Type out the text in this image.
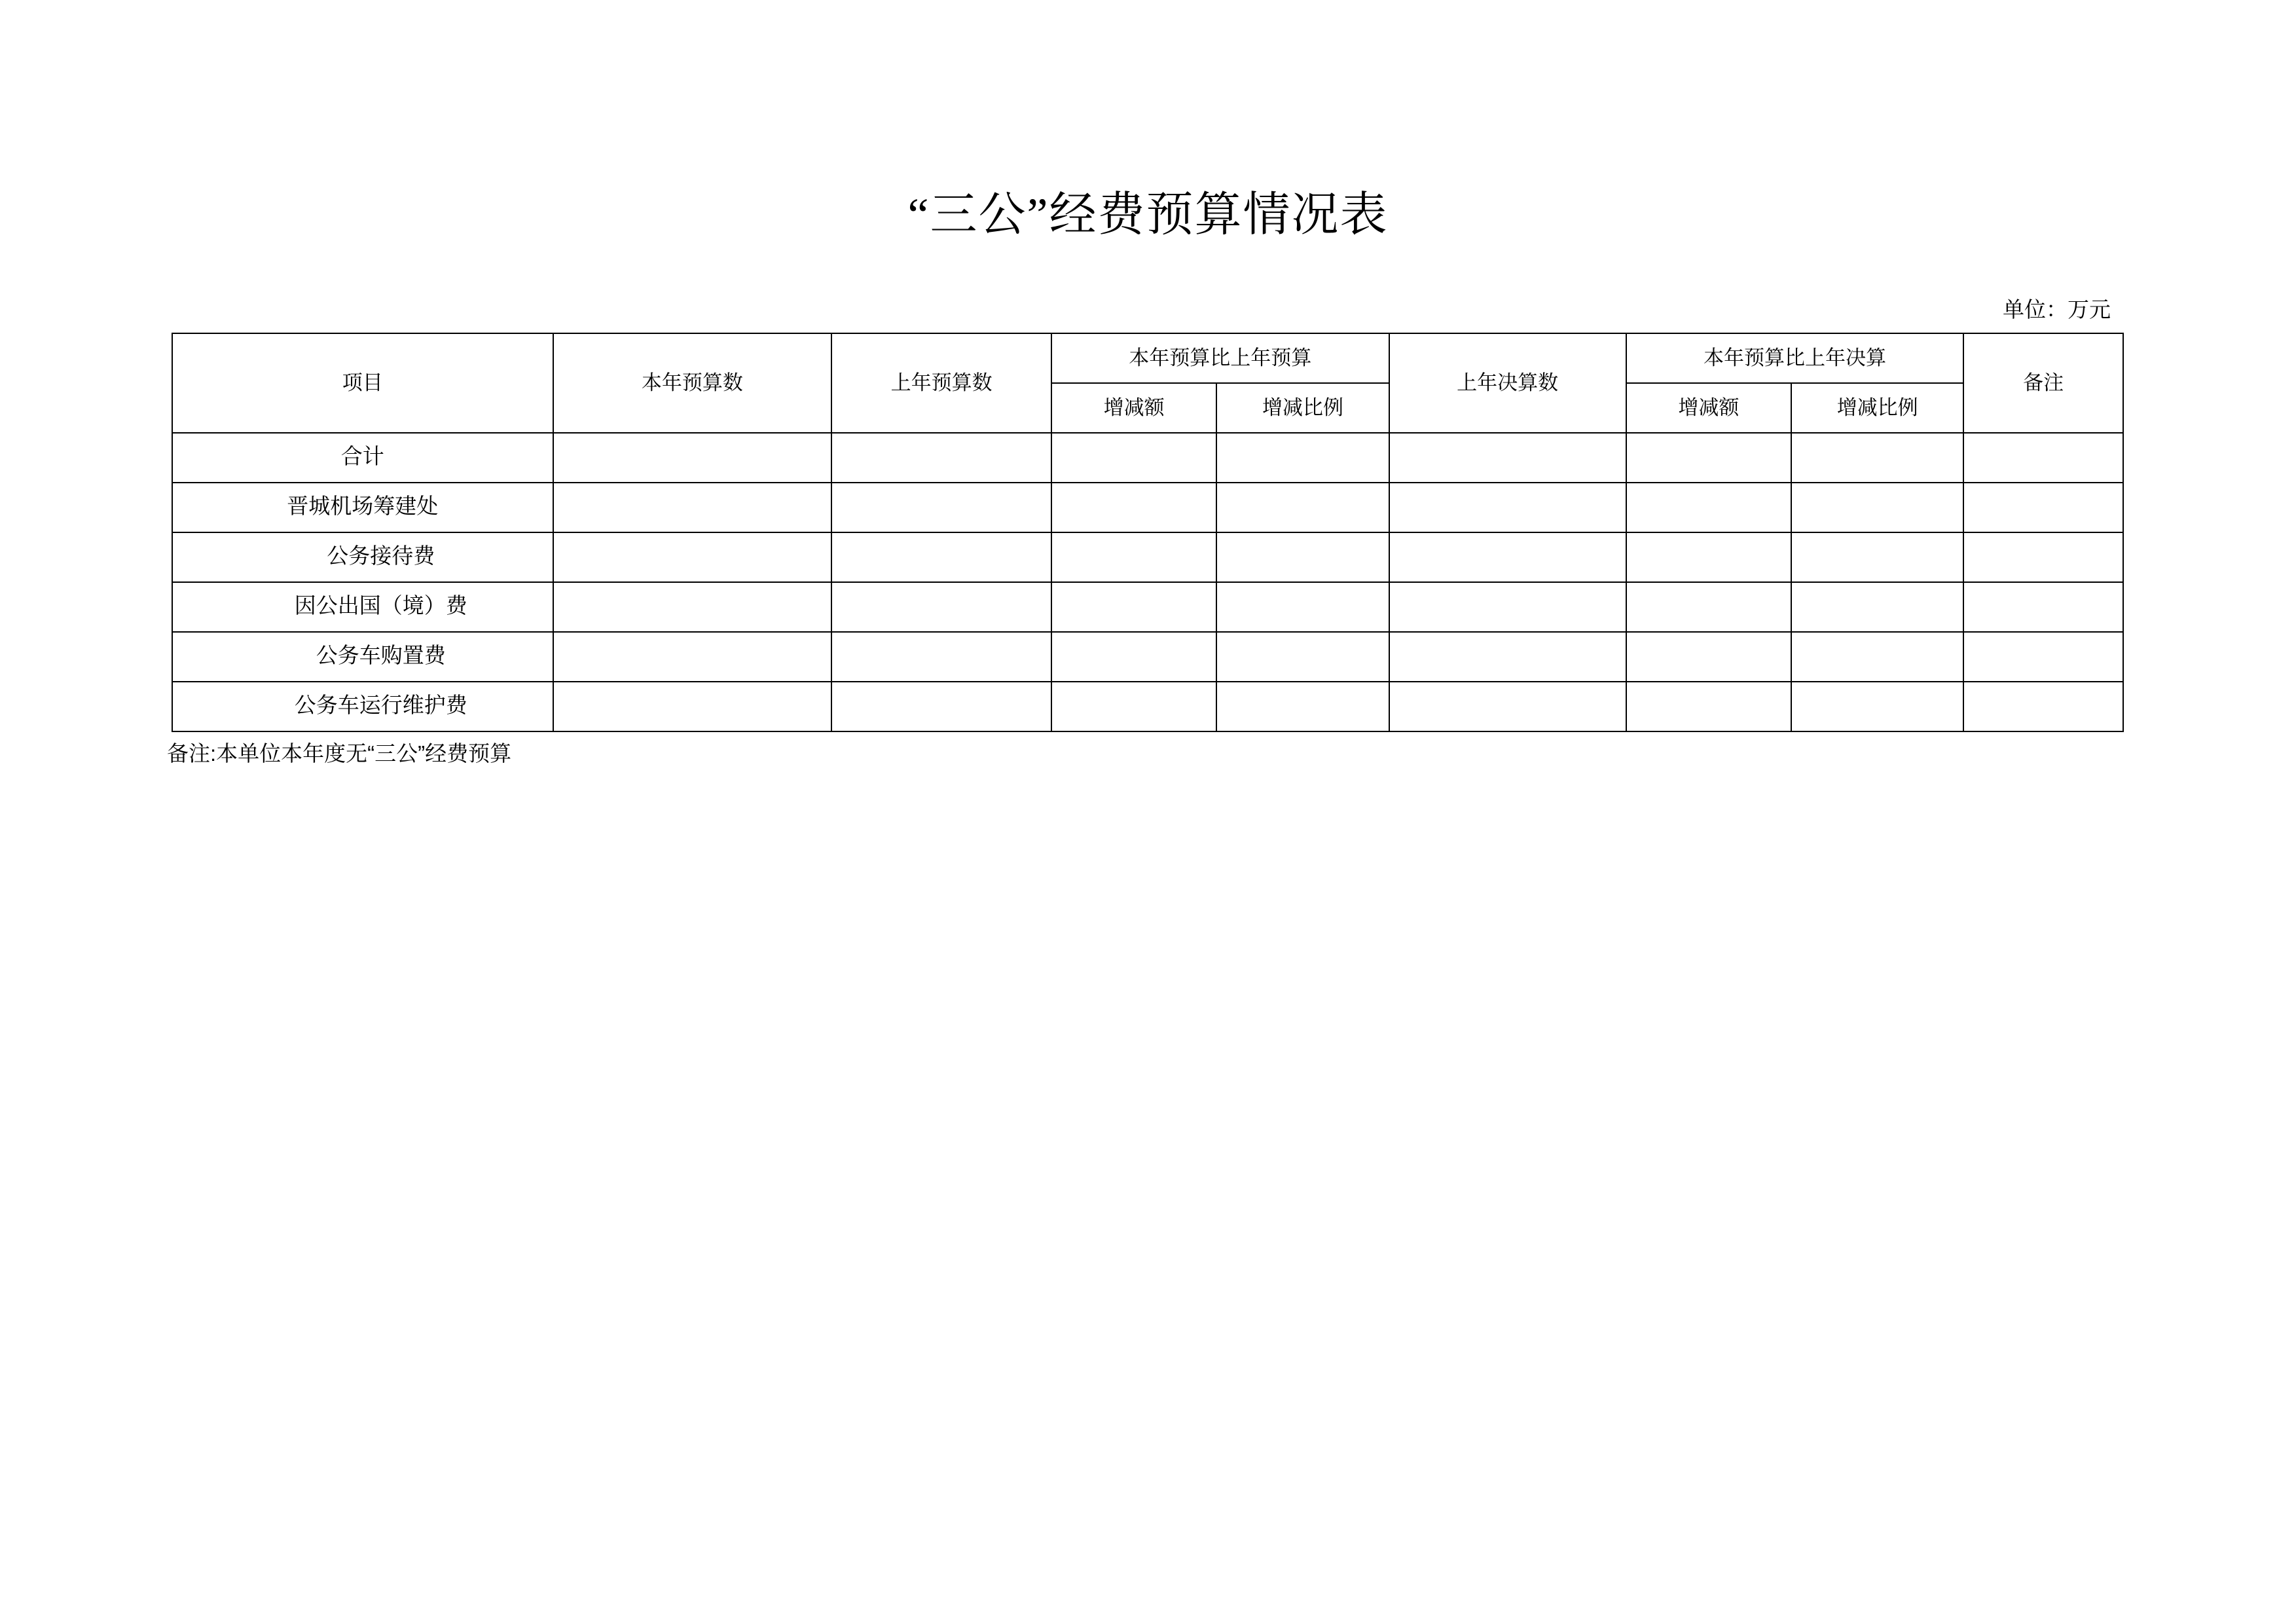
“三公”经费预算情况表
单位：万元
项目	本年预算数	上年预算数	本年预算比上年预算		上年决算数	本年预算比上年决算		备注
			增减额	增减比例		增减额	增减比例	
合计								
晋城机场筹建处								
公务接待费								
因公出国（境）费								
公务车购置费								
公务车运行维护费								
备注:本单位本年度无“三公”经费预算
